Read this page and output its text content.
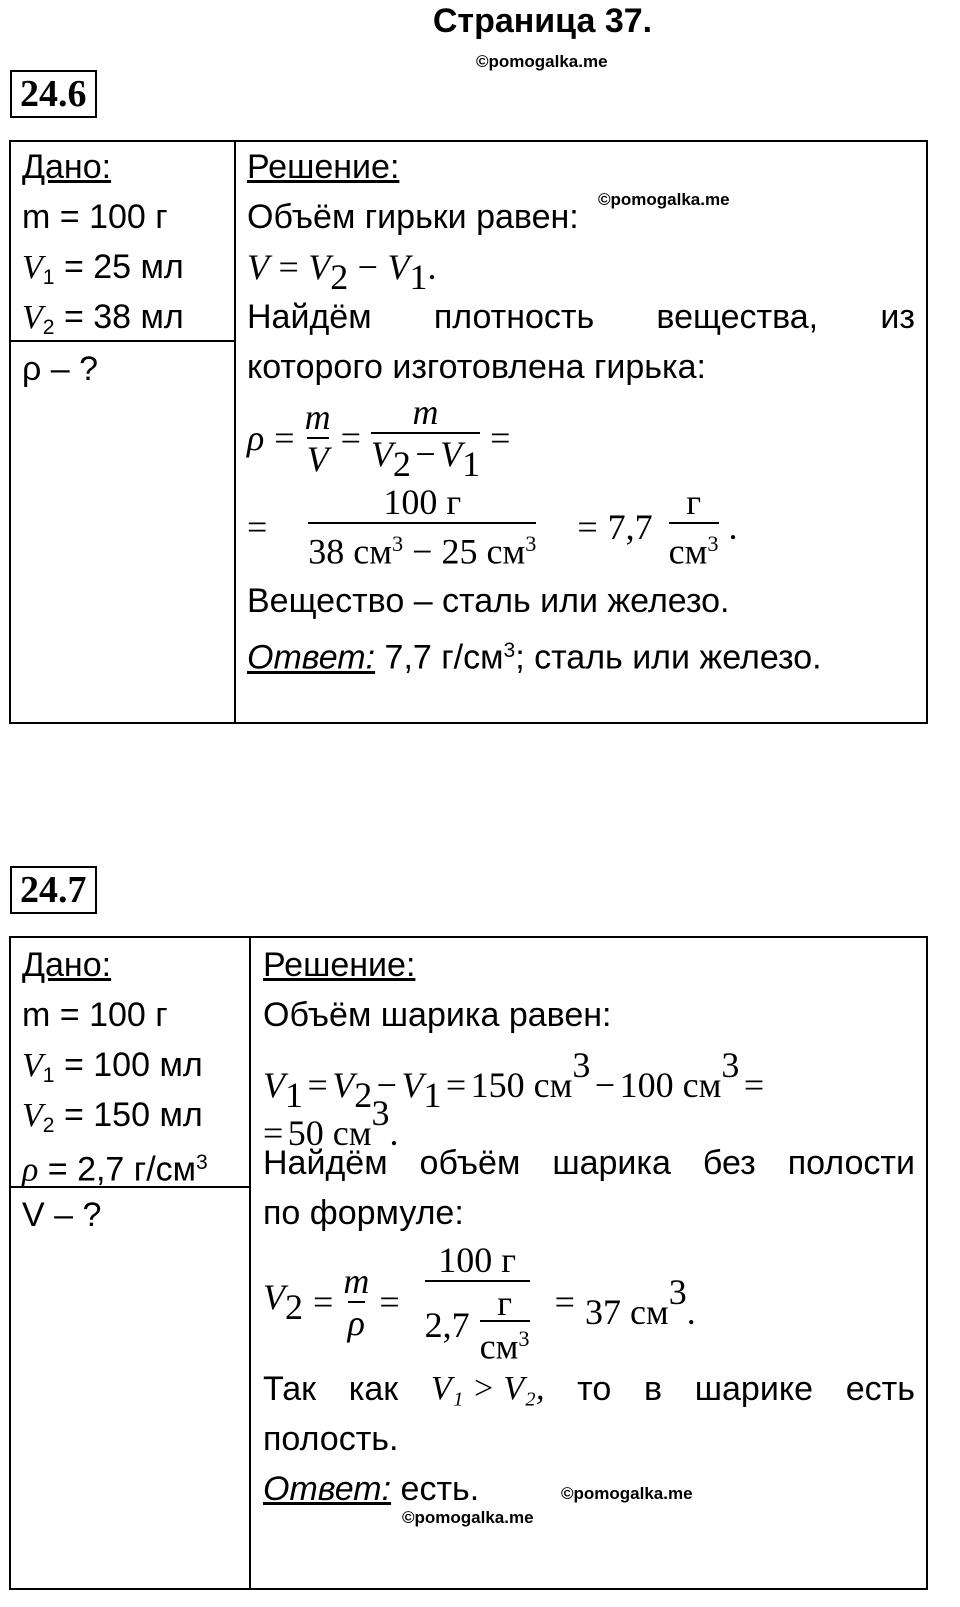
Страница 37.
©pomogalka.me
24.6
Дано:
m = 100 г
$V_1 = 25$ мл
$V_2 = 38$ мл
ρ – ?
Решение:
©pomogalka.me
Объём гирьки равен:
$V = V_2 - V_1$.
Найдём плотность вещества, из
которого изготовлена гирька:
$\rho = \frac{m}{V} = \frac{m}{V_2 - V_1}$ =
= $\frac{100 г}{38 см^3 - 25 см^3} = 7,7 \frac{г}{см^3}$ .
Вещество – сталь или железо.
Ответ: 7,7 $г/см^3$; сталь или железо.
24.7
Дано:
m = 100 г
$V_1 = 100$ мл
$V_2 = 150$ мл
ρ = 2,7 $г/см^3$
V – ?
Решение:
Объём шарика равен:
$V_1 = V_2 - V_1 = 150$ $см^3 - 100$ $см^3$ =
= 50 $см^3$.
Найдём объём шарика без полости
по формуле:
$V_2 = \frac{m}{\rho} = \frac{100 г}{2,7 \frac{г}{см^3}} = 37$ $см^3$.
Так как V₁ > V₂, то в шарике есть
полость.
Ответ: есть.	©pomogalka.me
©pomogalka.me
